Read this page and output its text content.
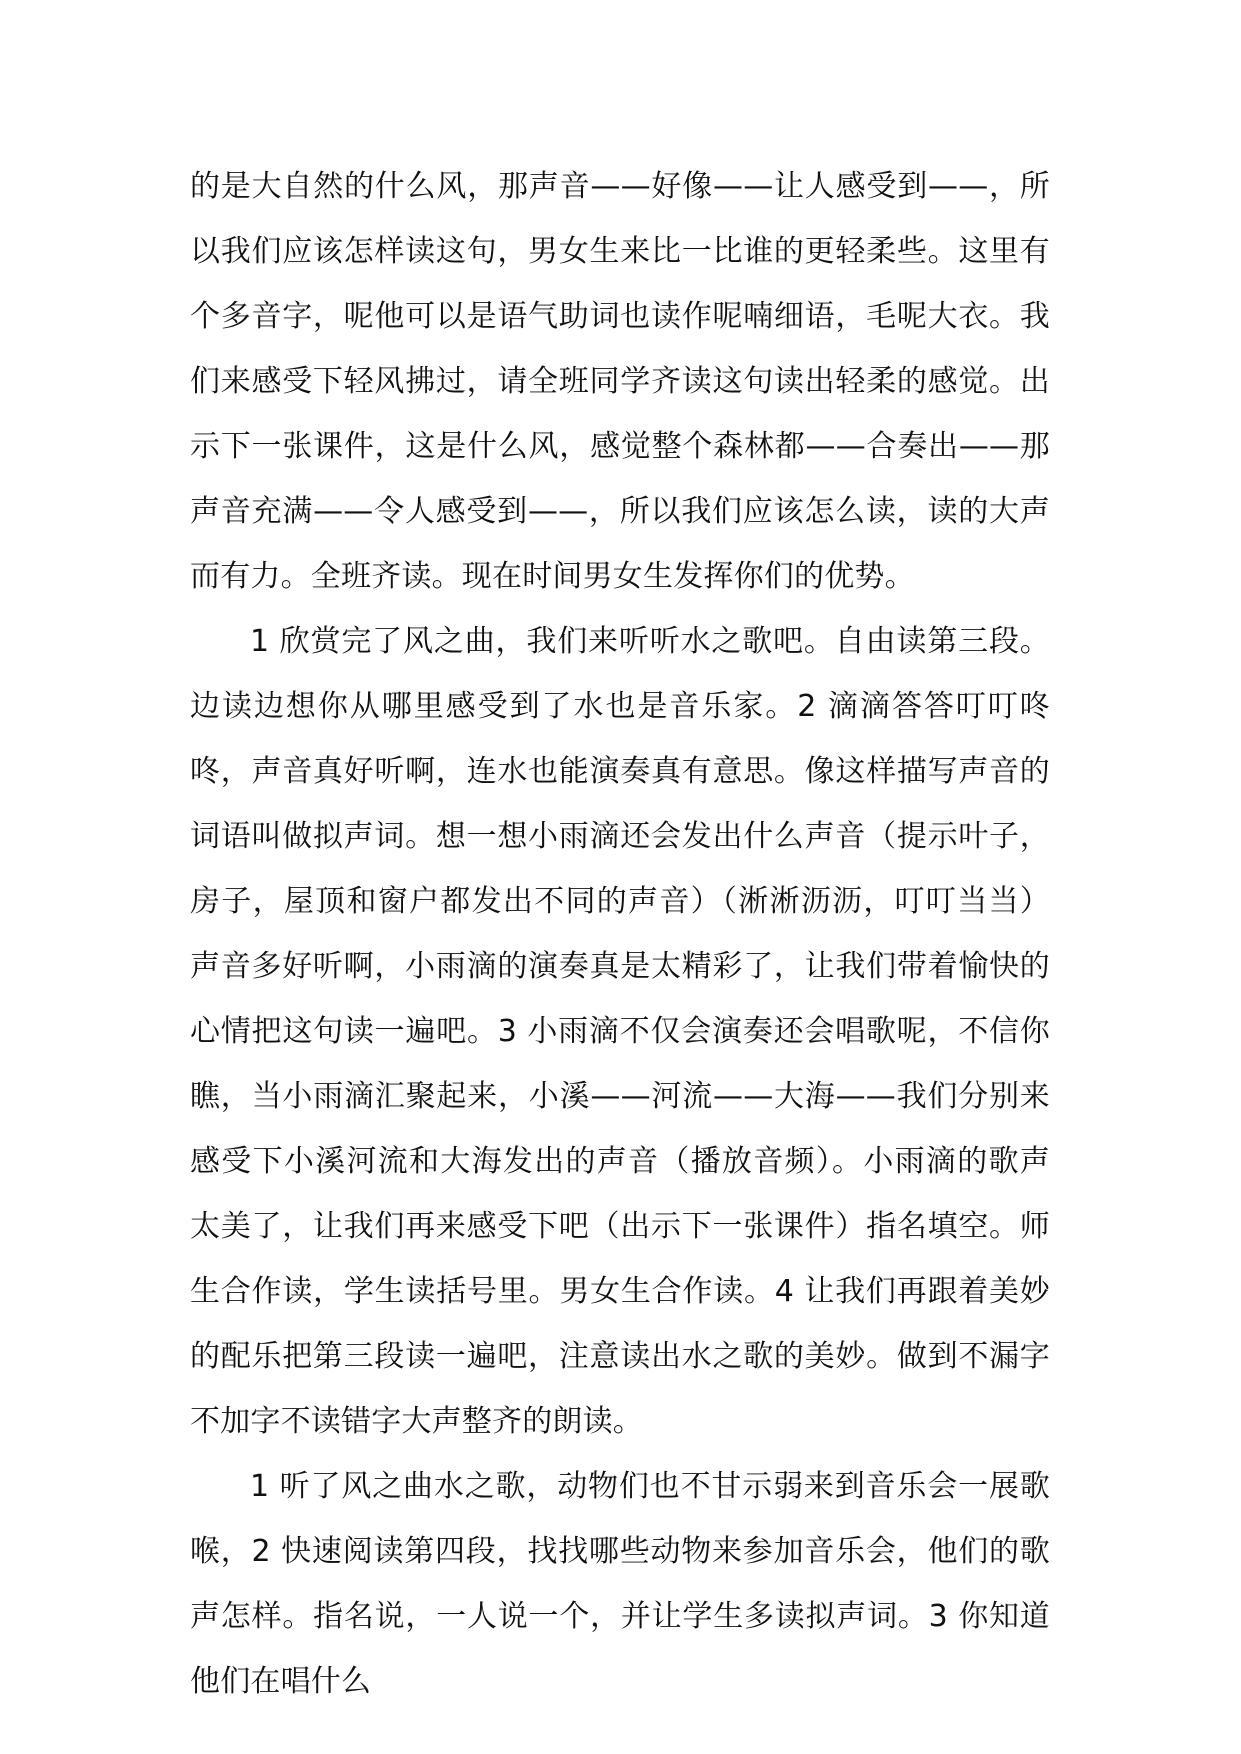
的是大自然的什么风，那声音——好像——让人感受到——，所以我们应该怎样读这句，男女生来比一比谁的更轻柔些。这里有个多音字，呢他可以是语气助词也读作呢喃细语，毛呢大衣。我们来感受下轻风拂过，请全班同学齐读这句读出轻柔的感觉。出示下一张课件，这是什么风，感觉整个森林都——合奏出——那声音充满——令人感受到——，所以我们应该怎么读，读的大声而有力。全班齐读。现在时间男女生发挥你们的优势。

1 欣赏完了风之曲，我们来听听水之歌吧。自由读第三段。边读边想你从哪里感受到了水也是音乐家。2 滴滴答答叮叮咚咚，声音真好听啊，连水也能演奏真有意思。像这样描写声音的词语叫做拟声词。想一想小雨滴还会发出什么声音（提示叶子，房子，屋顶和窗户都发出不同的声音）（淅淅沥沥，叮叮当当）声音多好听啊，小雨滴的演奏真是太精彩了，让我们带着愉快的心情把这句读一遍吧。3 小雨滴不仅会演奏还会唱歌呢，不信你瞧，当小雨滴汇聚起来，小溪——河流——大海——我们分别来感受下小溪河流和大海发出的声音（播放音频）。小雨滴的歌声太美了，让我们再来感受下吧（出示下一张课件）指名填空。师生合作读，学生读括号里。男女生合作读。4 让我们再跟着美妙的配乐把第三段读一遍吧，注意读出水之歌的美妙。做到不漏字不加字不读错字大声整齐的朗读。

1 听了风之曲水之歌，动物们也不甘示弱来到音乐会一展歌喉，2 快速阅读第四段，找找哪些动物来参加音乐会，他们的歌声怎样。指名说，一人说一个，并让学生多读拟声词。3 你知道他们在唱什么
